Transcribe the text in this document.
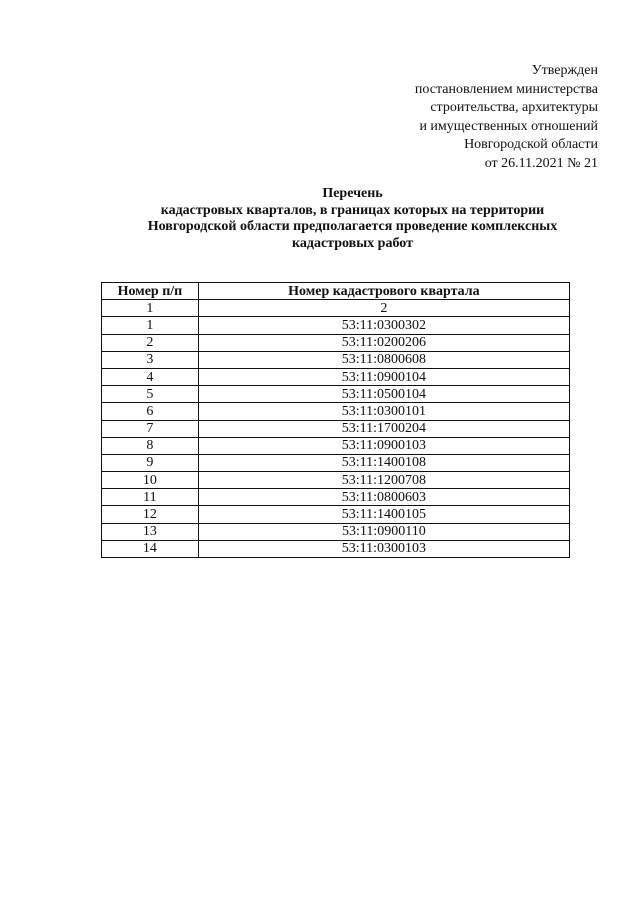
Утвержден
постановлением министерства
строительства, архитектуры
и имущественных отношений
Новгородской области
от 26.11.2021 № 21
Перечень
кадастровых кварталов, в границах которых на территории
Новгородской области предполагается проведение комплексных
кадастровых работ
Номер п/п	Номер кадастрового квартала
1	2
1	53:11:0300302
2	53:11:0200206
3	53:11:0800608
4	53:11:0900104
5	53:11:0500104
6	53:11:0300101
7	53:11:1700204
8	53:11:0900103
9	53:11:1400108
10	53:11:1200708
11	53:11:0800603
12	53:11:1400105
13	53:11:0900110
14	53:11:0300103
